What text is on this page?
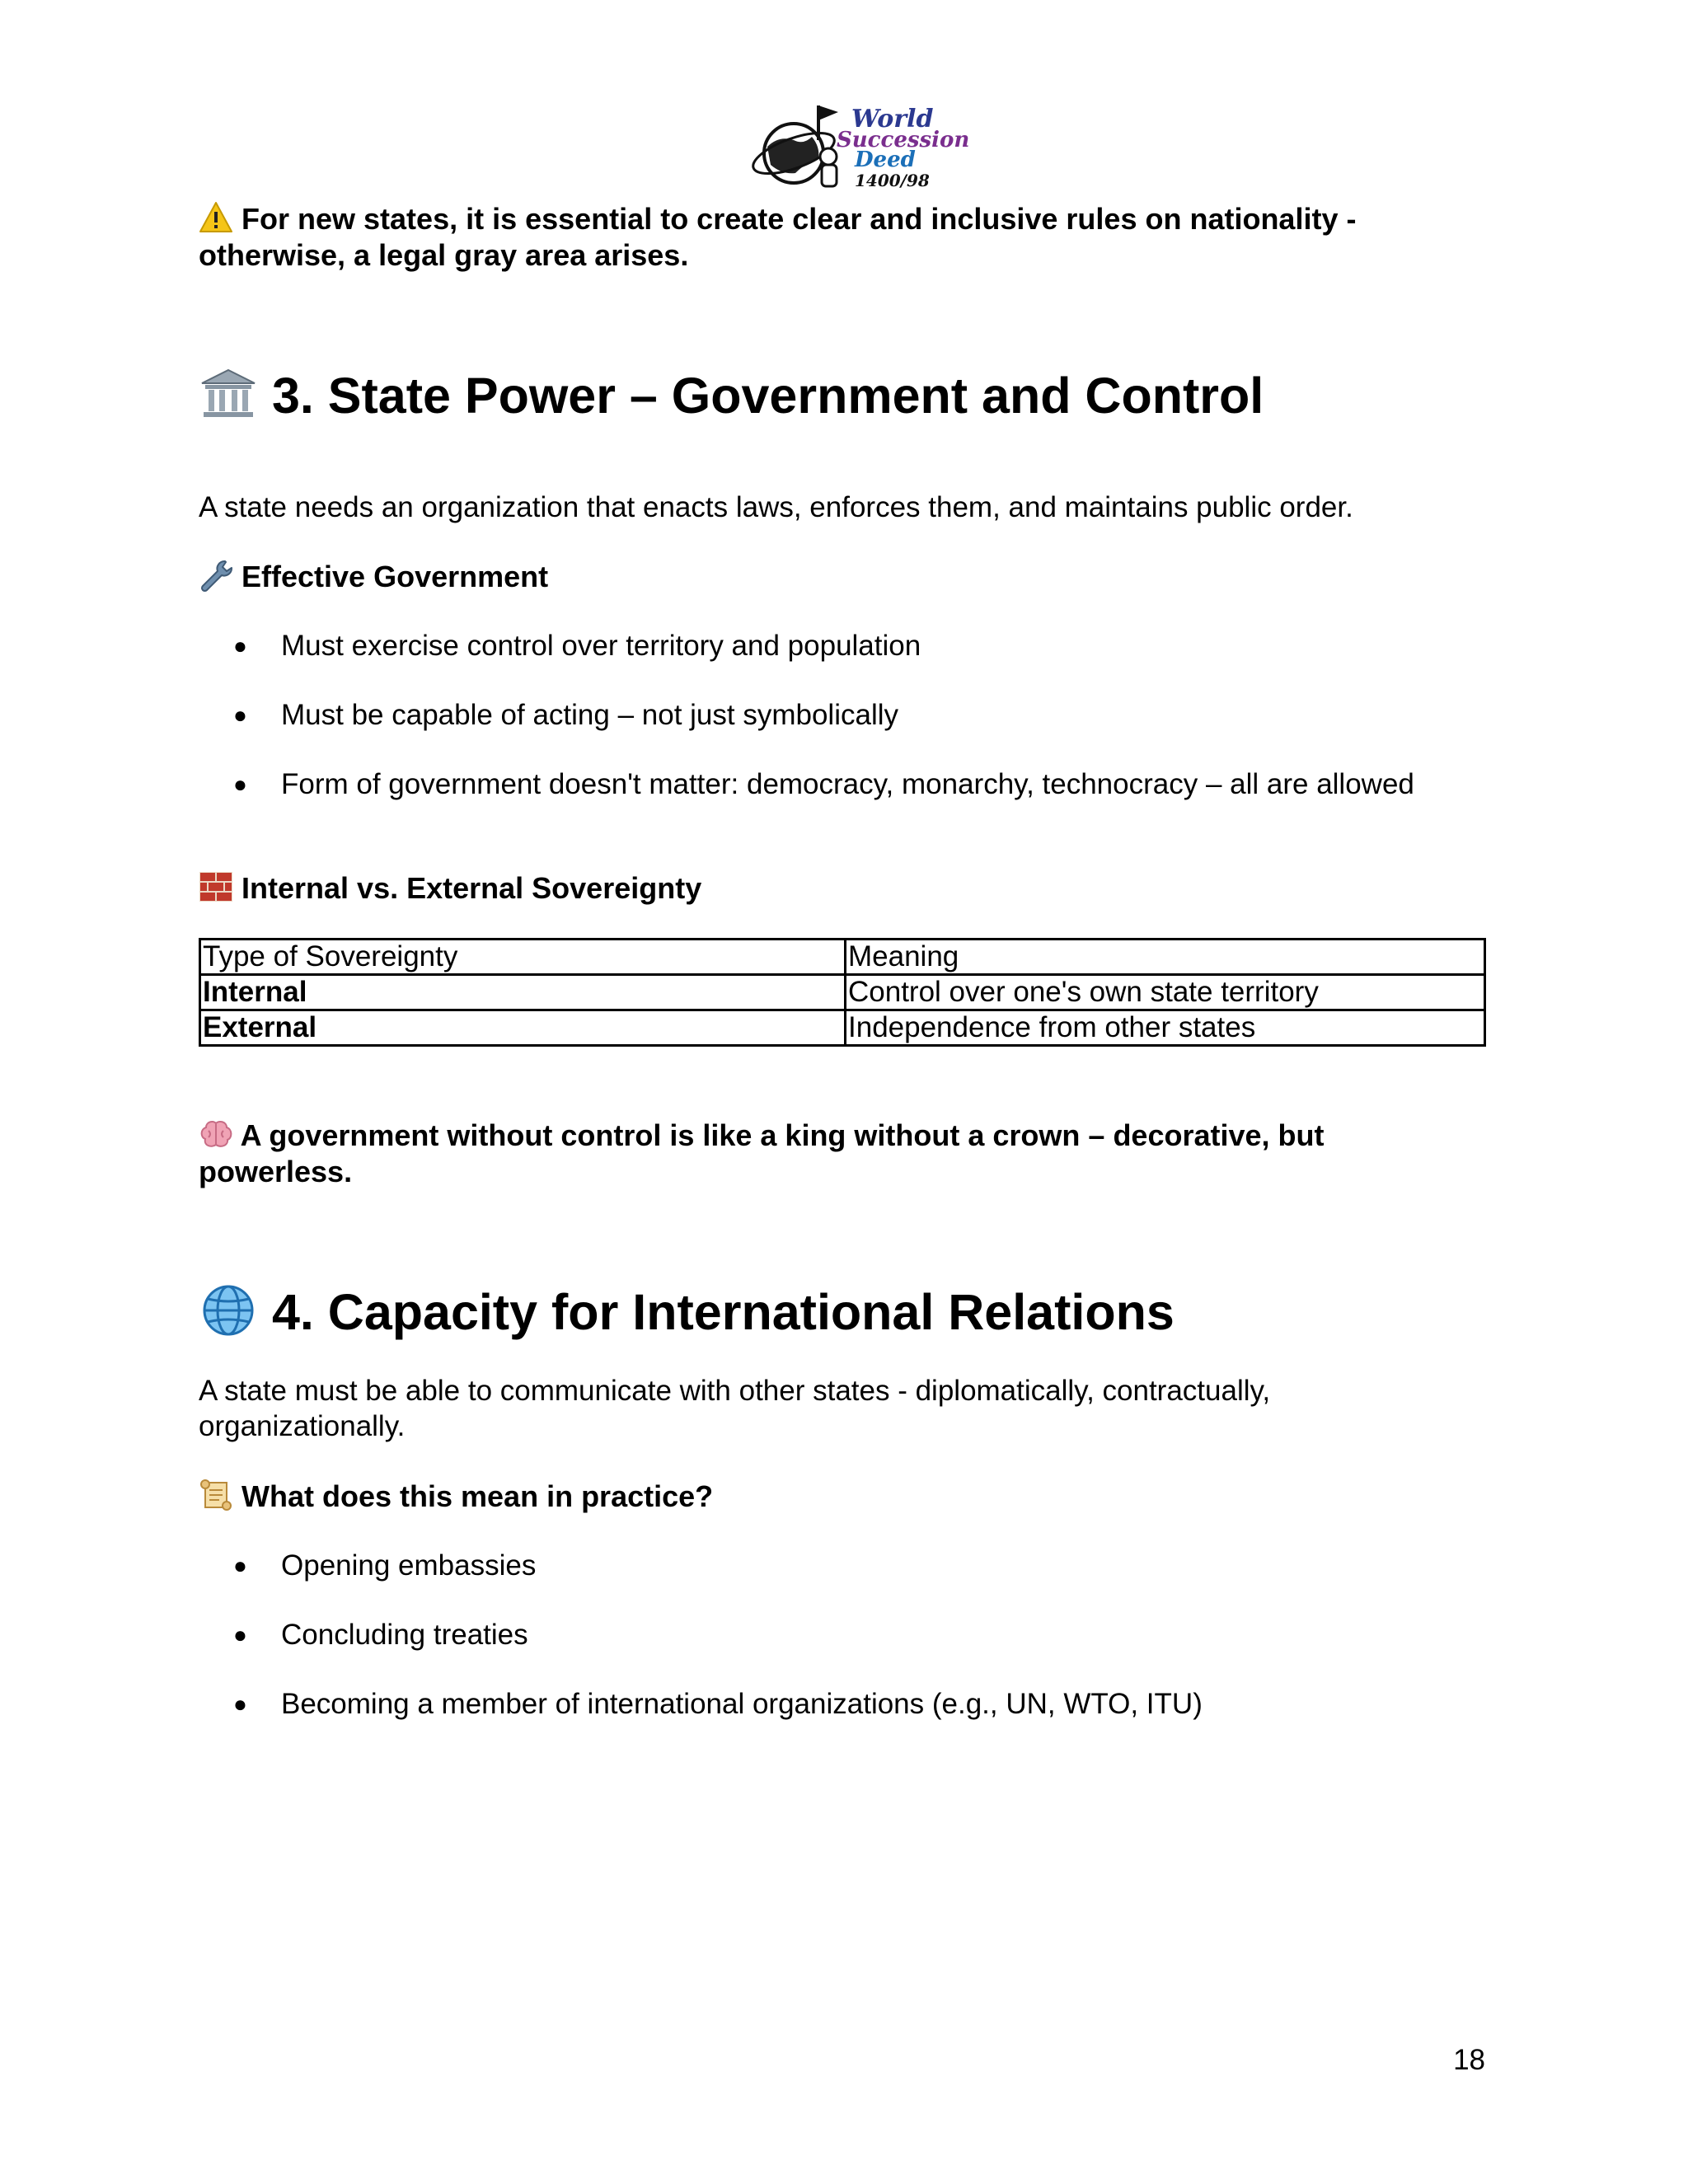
World
Succession
Deed
1400/98
For new states, it is essential to create clear and inclusive rules on nationality -
otherwise, a legal gray area arises.
3. State Power – Government and Control
A state needs an organization that enacts laws, enforces them, and maintains public order.
Effective Government
● Must exercise control over territory and population
● Must be capable of acting – not just symbolically
● Form of government doesn't matter: democracy, monarchy, technocracy – all are allowed
Internal vs. External Sovereignty
Type of Sovereignty	Meaning
Internal	Control over one's own state territory
External	Independence from other states
A government without control is like a king without a crown – decorative, but
powerless.
4. Capacity for International Relations
A state must be able to communicate with other states - diplomatically, contractually,
organizationally.
What does this mean in practice?
● Opening embassies
● Concluding treaties
● Becoming a member of international organizations (e.g., UN, WTO, ITU)
18
